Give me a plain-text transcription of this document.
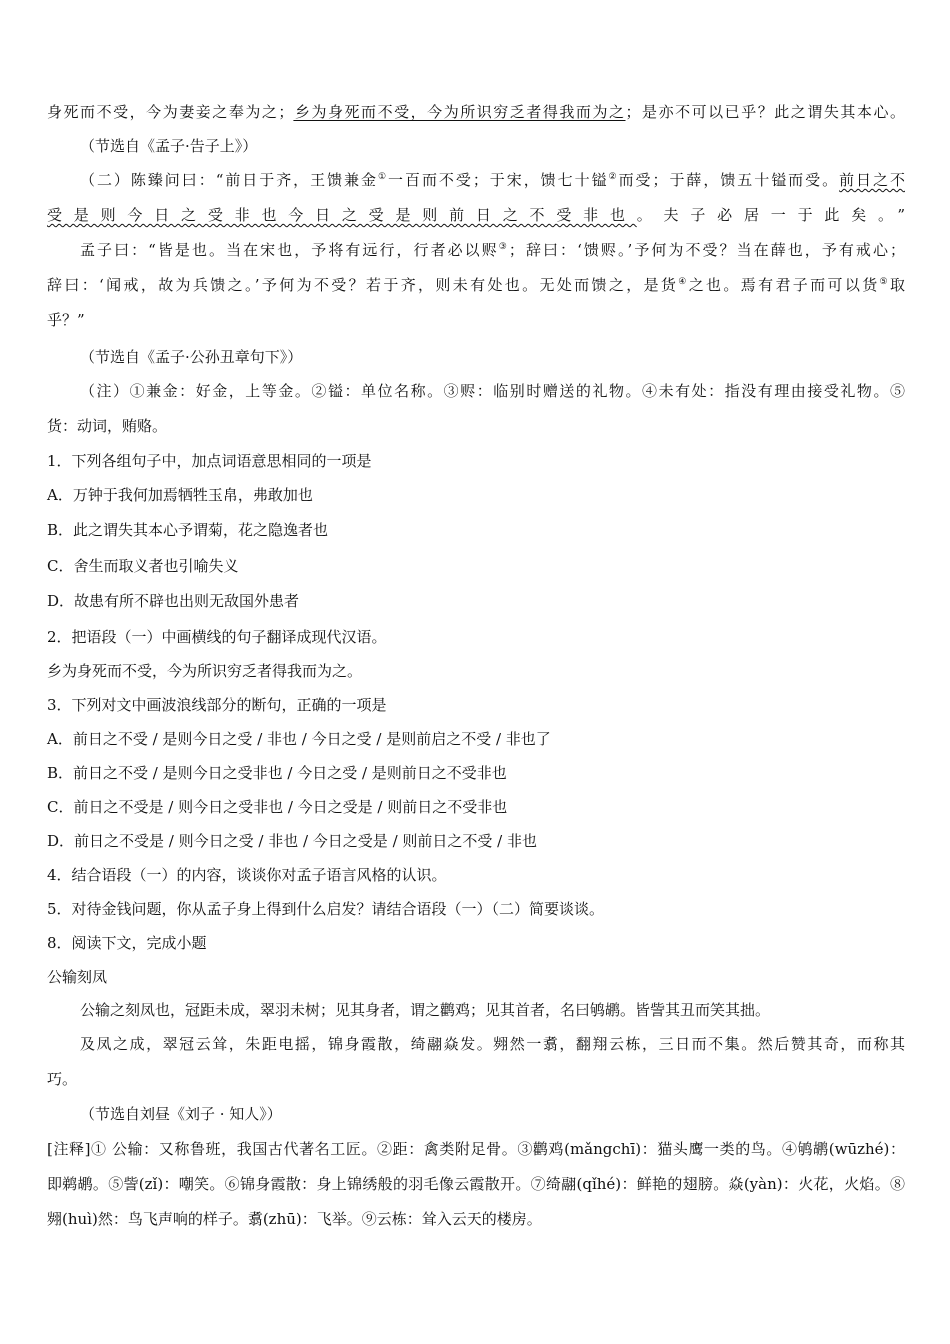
身死而不受，今为妻妾之奉为之；乡为身死而不受，今为所识穷乏者得我而为之；是亦不可以已乎？此之谓失其本心。
（节选自《孟子·告子上》）
（二）陈臻问曰：“前日于齐，王馈兼金①一百而不受；于宋，馈七十镒②而受；于薛，馈五十镒而受。前日之不
受是则今日之受非也今日之受是则前日之不受非也。夫子必居一于此矣。”
孟子曰：“皆是也。当在宋也，予将有远行，行者必以赆③；辞曰：‘馈赆。’予何为不受？当在薛也，予有戒心；
辞曰：‘闻戒，故为兵馈之。’予何为不受？若于齐，则未有处也。无处而馈之，是货④之也。焉有君子而可以货⑤取
乎？”
（节选自《孟子·公孙丑章句下》）
（注）①兼金：好金，上等金。②镒：单位名称。③赆：临别时赠送的礼物。④未有处：指没有理由接受礼物。⑤
货：动词，贿赂。
1．下列各组句子中，加点词语意思相同的一项是
A．万钟于我何加焉牺牲玉帛，弗敢加也
B．此之谓失其本心予谓菊，花之隐逸者也
C．舍生而取义者也引喻失义
D．故患有所不辟也出则无敌国外患者
2．把语段（一）中画横线的句子翻译成现代汉语。
乡为身死而不受，今为所识穷乏者得我而为之。
3．下列对文中画波浪线部分的断句，正确的一项是
A．前日之不受 / 是则今日之受 / 非也 / 今日之受 / 是则前启之不受 / 非也了
B．前日之不受 / 是则今日之受非也 / 今日之受 / 是则前日之不受非也
C．前日之不受是 / 则今日之受非也 / 今日之受是 / 则前日之不受非也
D．前日之不受是 / 则今日之受 / 非也 / 今日之受是 / 则前日之不受 / 非也
4．结合语段（一）的内容，谈谈你对孟子语言风格的认识。
5．对待金钱问题，你从孟子身上得到什么启发？请结合语段（一）（二）简要谈谈。
8．阅读下文，完成小题
公输刻凤
公输之刻凤也，冠距未成，翠羽未树；见其身者，谓之鹳鸡；见其首者，名曰鸲鹕。皆訾其丑而笑其拙。
及凤之成，翠冠云耸，朱距电摇，锦身霞散，绮翮焱发。翙然一翥，翻翔云栋，三日而不集。然后赞其奇，而称其
巧。
（节选自刘昼《刘子 · 知人》）
[注释]① 公输：又称鲁班，我国古代著名工匠。②距：禽类附足骨。③鹳鸡(mǎngchī)：猫头鹰一类的鸟。④鸲鹕(wūzhé)：
即鹈鹕。⑤訾(zǐ)：嘲笑。⑥锦身霞散：身上锦绣般的羽毛像云霞散开。⑦绮翮(qǐhé)：鲜艳的翅膀。焱(yàn)：火花，火焰。⑧
翙(huì)然：鸟飞声响的样子。翥(zhū)：飞举。⑨云栋：耸入云天的楼房。
